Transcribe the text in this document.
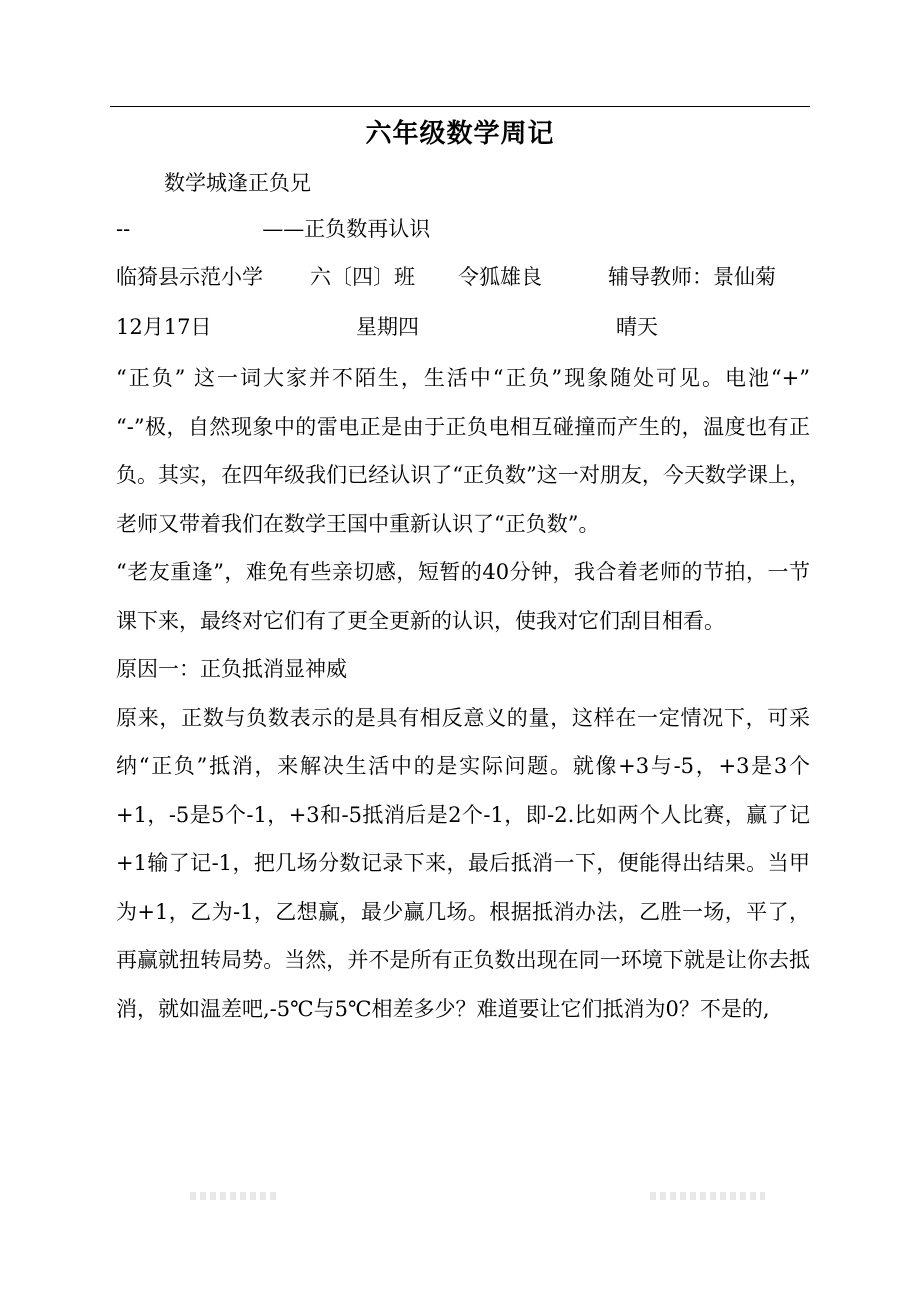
六年级数学周记
数学城逢正负兄
--	——正负数再认识
临猗县示范小学 六〔四〕班 令狐雄良	辅导教师：景仙菊
12月17日	星期四	晴天

“正负” 这一词大家并不陌生，生活中“正负”现象随处可见。电池“+” “-”极，自然现象中的雷电正是由于正负电相互碰撞而产生的，温度也有正负。其实，在四年级我们已经认识了“正负数”这一对朋友，今天数学课上，老师又带着我们在数学王国中重新认识了“正负数”。

“老友重逢”，难免有些亲切感，短暂的40分钟，我合着老师的节拍，一节课下来，最终对它们有了更全更新的认识，使我对它们刮目相看。

原因一：正负抵消显神威

原来，正数与负数表示的是具有相反意义的量，这样在一定情况下，可采纳“正负”抵消，来解决生活中的是实际问题。就像+3与-5，+3是3个+1，-5是5个-1，+3和-5抵消后是2个-1，即-2.比如两个人比赛，赢了记+1输了记-1，把几场分数记录下来，最后抵消一下，便能得出结果。当甲为+1，乙为-1，乙想赢，最少赢几场。根据抵消办法，乙胜一场，平了，再赢就扭转局势。当然，并不是所有正负数出现在同一环境下就是让你去抵消，就如温差吧,-5℃与5℃相差多少？难道要让它们抵消为0？不是的,
